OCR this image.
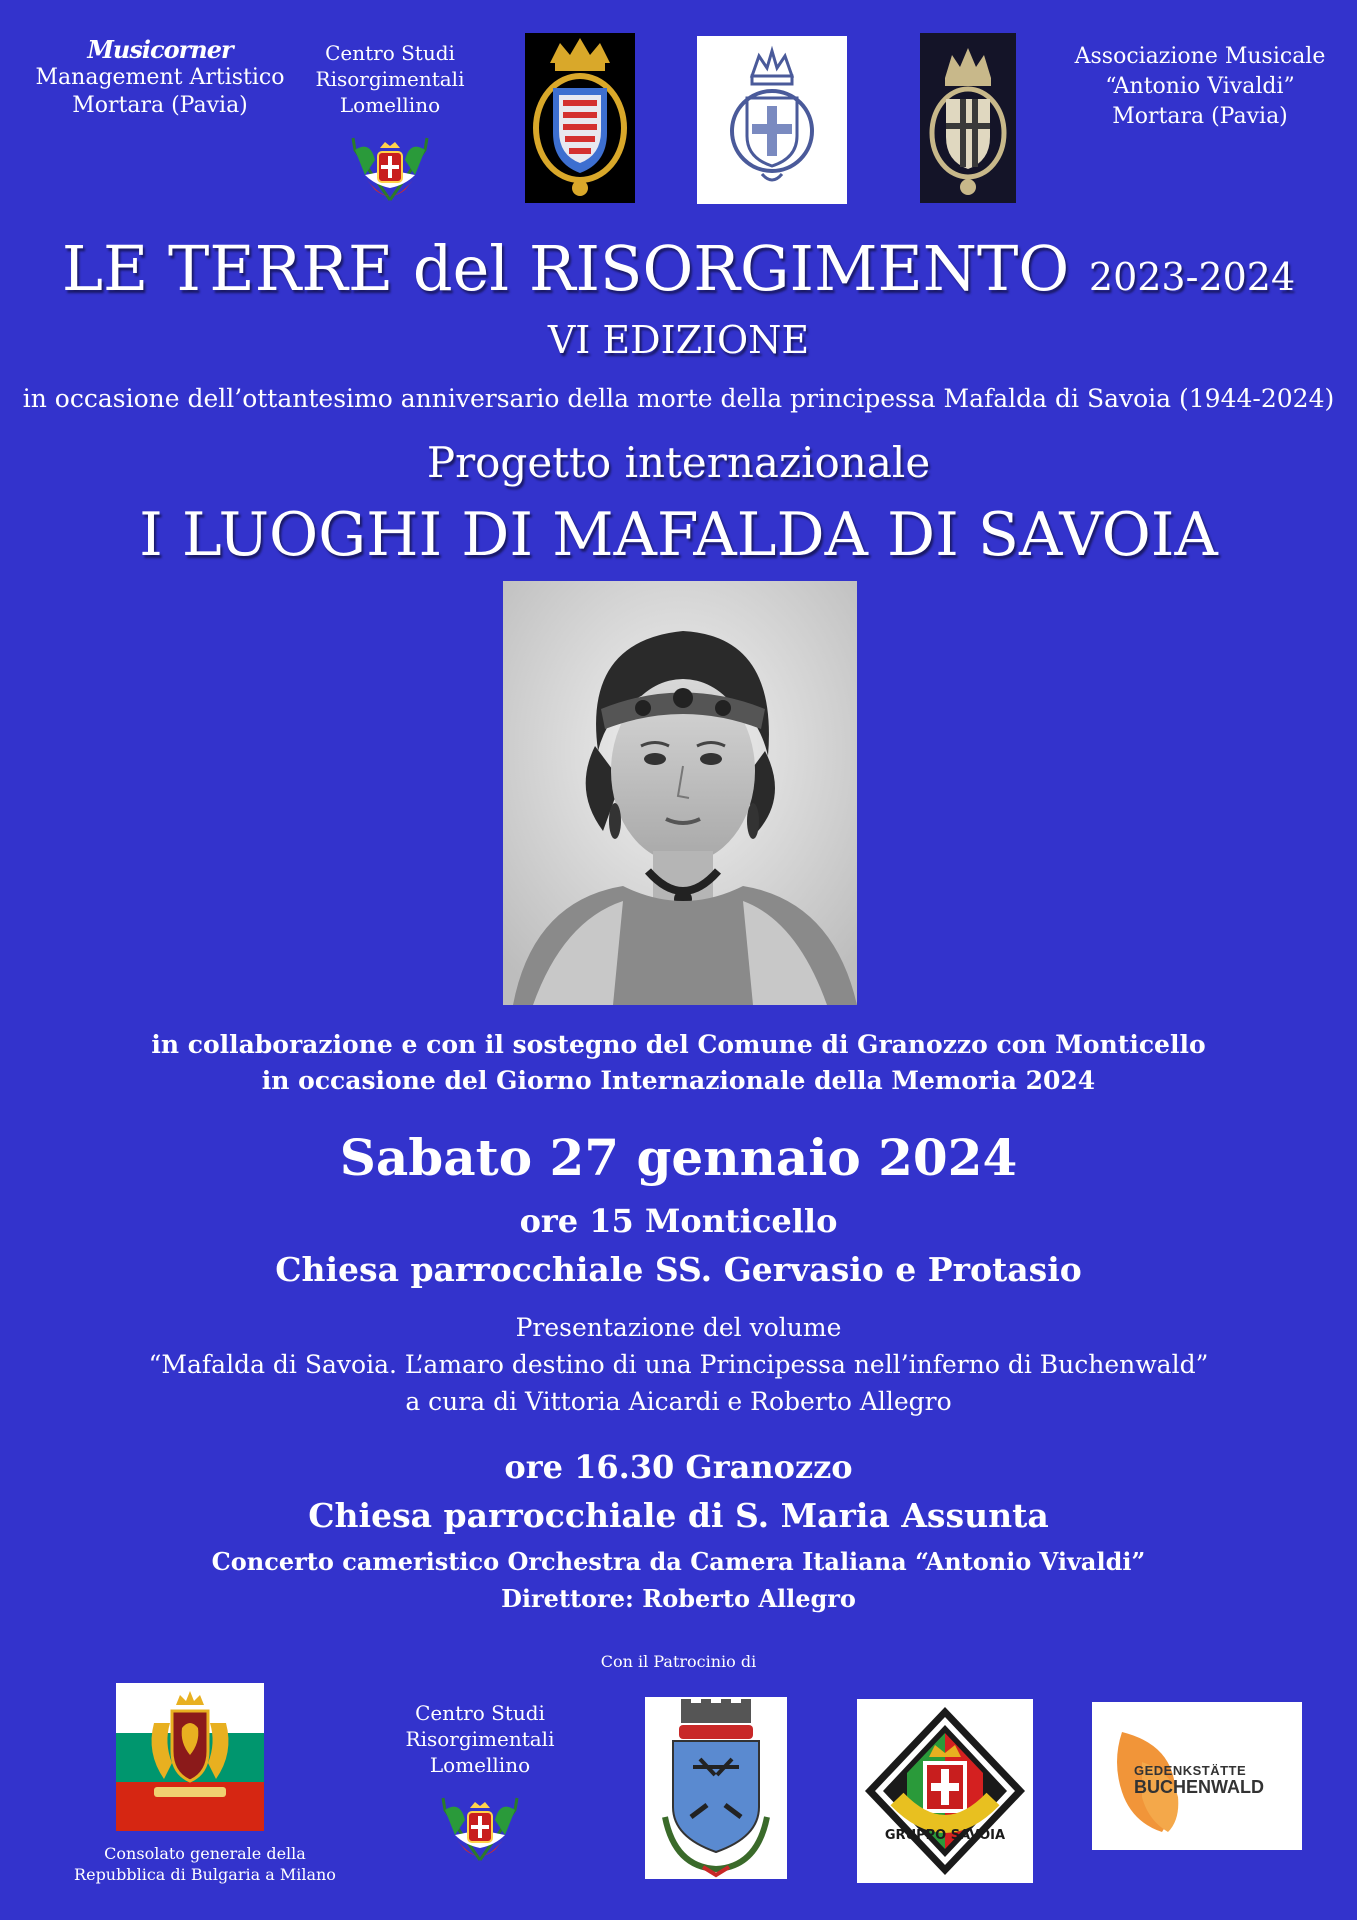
Musicorner
Management Artistico
Mortara (Pavia)
Centro Studi
Risorgimentali
Lomellino
Associazione Musicale
“Antonio Vivaldi”
Mortara (Pavia)
LE TERRE del RISORGIMENTO 2023-2024
VI EDIZIONE
in occasione dell’ottantesimo anniversario della morte della principessa Mafalda di Savoia (1944-2024)
Progetto internazionale
I LUOGHI DI MAFALDA DI SAVOIA
in collaborazione e con il sostegno del Comune di Granozzo con Monticello
in occasione del Giorno Internazionale della Memoria 2024
Sabato 27 gennaio 2024
ore 15 Monticello
Chiesa parrocchiale SS. Gervasio e Protasio
Presentazione del volume
“Mafalda di Savoia. L’amaro destino di una Principessa nell’inferno di Buchenwald”
a cura di Vittoria Aicardi e Roberto Allegro
ore 16.30 Granozzo
Chiesa parrocchiale di S. Maria Assunta
Concerto cameristico Orchestra da Camera Italiana “Antonio Vivaldi”
Direttore: Roberto Allegro
Con il Patrocinio di
Consolato generale della
Repubblica di Bulgaria a Milano
Centro Studi
Risorgimentali
Lomellino
GRUPPO SAVOIA
GEDENKSTÄTTE
BUCHENWALD
